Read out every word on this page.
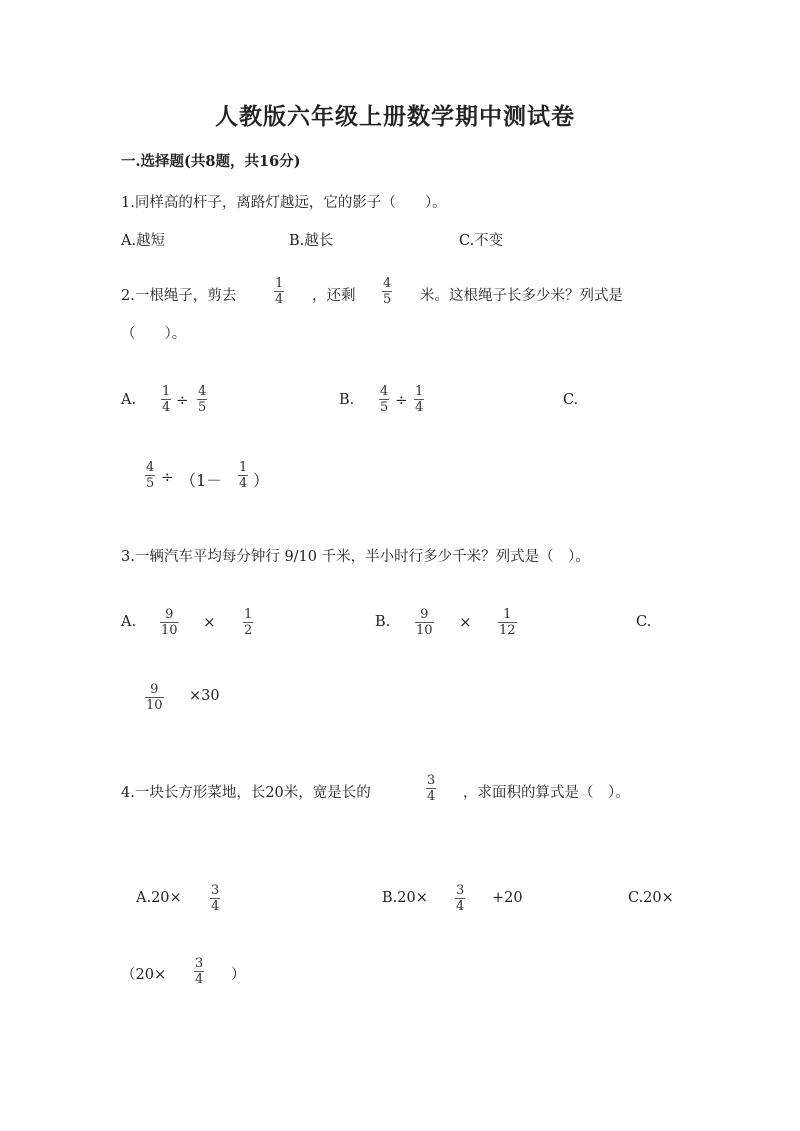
人教版六年级上册数学期中测试卷
一.选择题(共8题，共16分)
1.同样高的杆子，离路灯越远，它的影子（　　）。
A.越短	B.越长	C.不变
2.一根绳子，剪去	$\frac{1}{4}$ ，还剩 $\frac{4}{5}$ 米。这根绳子长多少米？列式是
（　　）。
A. $\frac{1}{4} \div \frac{4}{5}$	B. $\frac{4}{5} \div \frac{1}{4}$	C.
$\frac{4}{5} \div (1- \frac{1}{4}$ ）
3.一辆汽车平均每分钟行 9/10 千米，半小时行多少千米？列式是（　）。
A. $\frac{9}{10} \times \frac{1}{2}$	B. $\frac{9}{10} \times \frac{1}{12}$	C.
$\frac{9}{10} \times 30$
4.一块长方形菜地，长20米，宽是长的	$\frac{3}{4}$ ，求面积的算式是（　）。
$A.20\times \frac{3}{4}$	$B.20\times \frac{3}{4} +20$	C.20×
（$20\times \frac{3}{4}$ ）
